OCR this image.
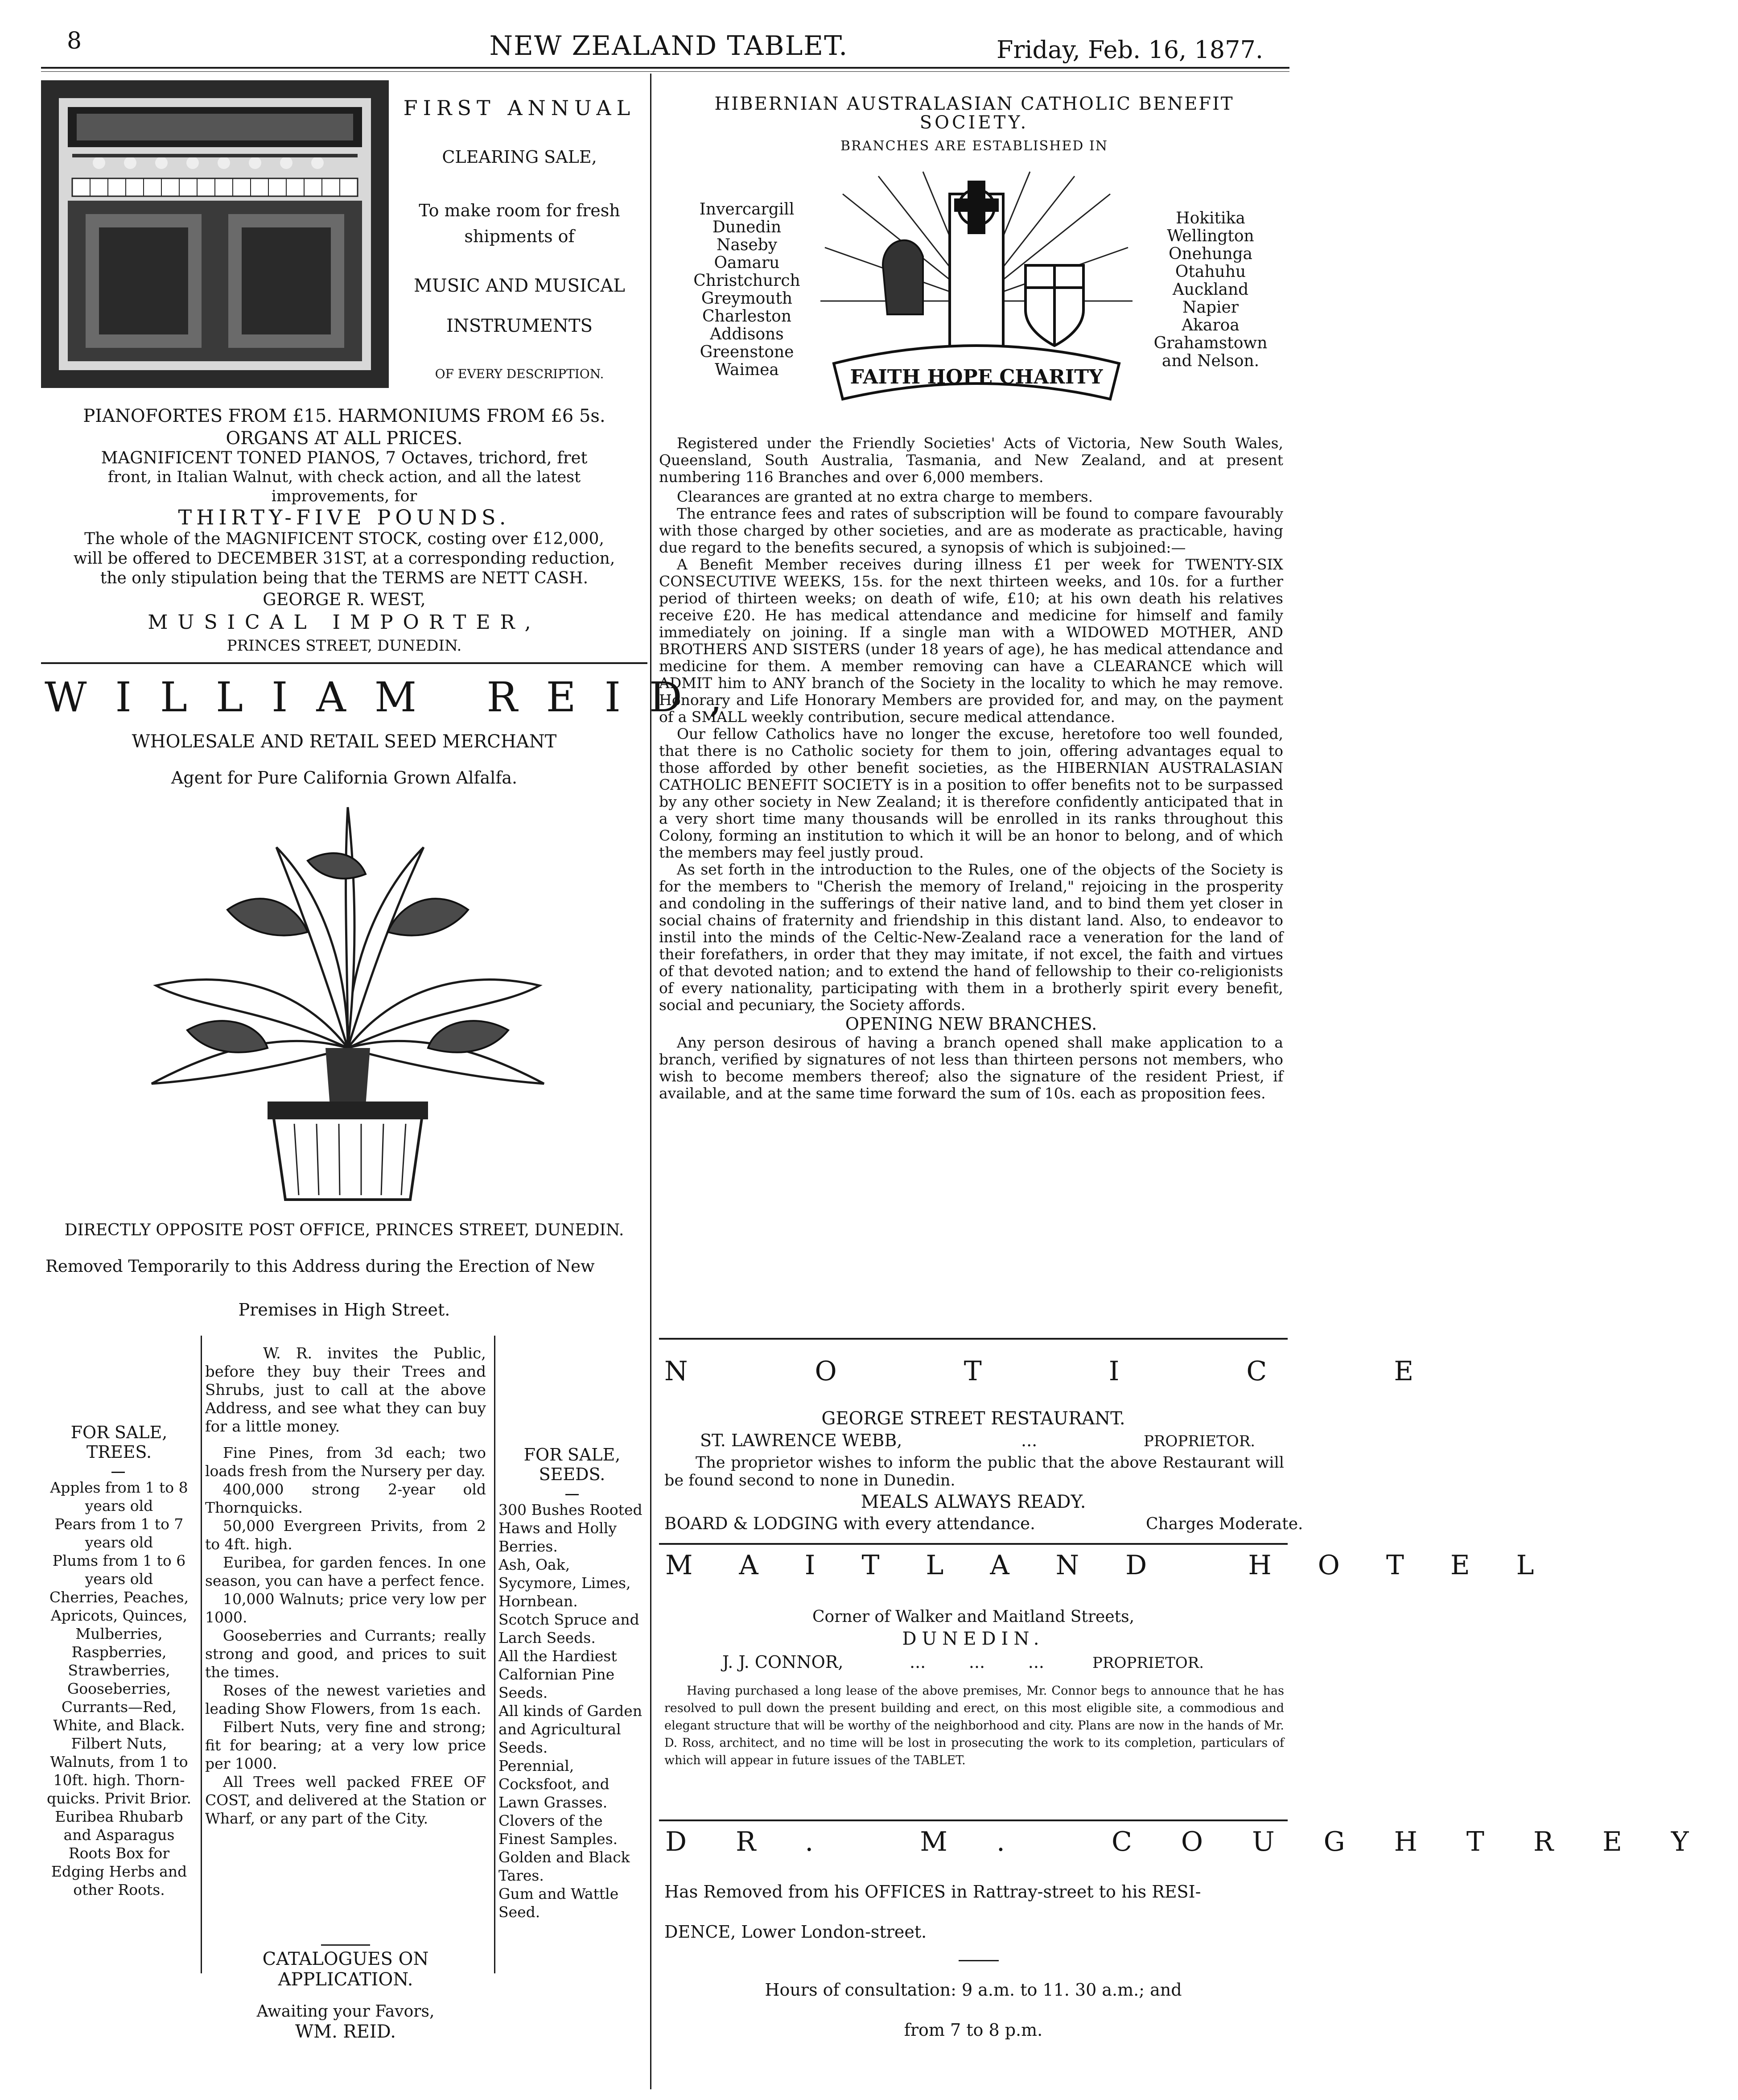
8	NEW ZEALAND TABLET.	Friday, Feb. 16, 1877.
FIRST ANNUAL
CLEARING SALE,
To make room for fresh
shipments of
MUSIC AND MUSICAL
INSTRUMENTS
OF EVERY DESCRIPTION.
PIANOFORTES FROM £15. HARMONIUMS FROM £6 5s.
ORGANS AT ALL PRICES.
MAGNIFICENT TONED PIANOS, 7 Octaves, trichord, fret
front, in Italian Walnut, with check action, and all the latest
improvements, for
THIRTY-FIVE POUNDS.
The whole of the MAGNIFICENT STOCK, costing over £12,000,
will be offered to DECEMBER 31ST, at a corresponding reduction,
the only stipulation being that the TERMS are NETT CASH.
GEORGE R. WEST,
MUSICAL IMPORTER,
PRINCES STREET, DUNEDIN.
WILLIAM REID,
WHOLESALE AND RETAIL SEED MERCHANT
Agent for Pure California Grown Alfalfa.
DIRECTLY OPPOSITE POST OFFICE, PRINCES STREET, DUNEDIN.
Removed Temporarily to this Address during the Erection of New
Premises in High Street.
FOR SALE, TREES.
Apples from 1 to 8 years old
Pears from 1 to 7 years old
Plums from 1 to 6 years old
Cherries, Peaches, Apricots, Quinces, Mulberries, Raspberries, Strawberries, Gooseberries, Currants—Red, White, and Black. Filbert Nuts, Walnuts, from 1 to 10ft. high. Thorn-quicks. Privit Brior. Euribea Rhubarb and Asparagus Roots Box for Edging Herbs and other Roots.
W. R. invites the Public, before they buy their Trees and Shrubs, just to call at the above Address, and see what they can buy for a little money.

Fine Pines, from 3d each; two loads fresh from the Nursery per day.

400,000 strong 2-year old Thornquicks.

50,000 Evergreen Privits, from 2 to 4ft. high.

Euribea, for garden fences. In one season, you can have a perfect fence.

10,000 Walnuts; price very low per 1000.

Gooseberries and Currants; really strong and good, and prices to suit the times.

Roses of the newest varieties and leading Show Flowers, from 1s each.

Filbert Nuts, very fine and strong; fit for bearing; at a very low price per 1000.

All Trees well packed FREE OF COST, and delivered at the Station or Wharf, or any part of the City.

CATALOGUES ON APPLICATION.
Awaiting your Favors,
WM. REID.
FOR SALE, SEEDS.
300 Bushes Rooted Haws and Holly Berries.
Ash, Oak, Sycymore, Limes, Hornbean.
Scotch Spruce and Larch Seeds.
All the Hardiest Calfornian Pine Seeds.
All kinds of Garden and Agricultural Seeds.
Perennial, Cocksfoot, and Lawn Grasses.
Clovers of the Finest Samples.
Golden and Black Tares.
Gum and Wattle Seed.
HIBERNIAN AUSTRALASIAN CATHOLIC BENEFIT
SOCIETY.
BRANCHES ARE ESTABLISHED IN
Invercargill
Dunedin
Naseby
Oamaru
Christchurch
Greymouth
Charleston
Addisons
Greenstone
Waimea
Hokitika
Wellington
Onehunga
Otahuhu
Auckland
Napier
Akaroa
Grahamstown
and Nelson.
FAITH HOPE CHARITY

Registered under the Friendly Societies' Acts of Victoria, New South Wales, Queensland, South Australia, Tasmania, and New Zealand, and at present numbering 116 Branches and over 6,000 members.

Clearances are granted at no extra charge to members.

The entrance fees and rates of subscription will be found to compare favourably with those charged by other societies, and are as moderate as practicable, having due regard to the benefits secured, a synopsis of which is subjoined:—

A Benefit Member receives during illness £1 per week for TWENTY-SIX CONSECUTIVE WEEKS, 15s. for the next thirteen weeks, and 10s. for a further period of thirteen weeks; on death of wife, £10; at his own death his relatives receive £20. He has medical attendance and medicine for himself and family immediately on joining. If a single man with a WIDOWED MOTHER, AND BROTHERS AND SISTERS (under 18 years of age), he has medical attendance and medicine for them. A member removing can have a CLEARANCE which will ADMIT him to ANY branch of the Society in the locality to which he may remove. Honorary and Life Honorary Members are provided for, and may, on the payment of a SMALL weekly contribution, secure medical attendance.

Our fellow Catholics have no longer the excuse, heretofore too well founded, that there is no Catholic society for them to join, offering advantages equal to those afforded by other benefit societies, as the HIBERNIAN AUSTRALASIAN CATHOLIC BENEFIT SOCIETY is in a position to offer benefits not to be surpassed by any other society in New Zealand; it is therefore confidently anticipated that in a very short time many thousands will be enrolled in its ranks throughout this Colony, forming an institution to which it will be an honor to belong, and of which the members may feel justly proud.

As set forth in the introduction to the Rules, one of the objects of the Society is for the members to "Cherish the memory of Ireland," rejoicing in the prosperity and condoling in the sufferings of their native land, and to bind them yet closer in social chains of fraternity and friendship in this distant land. Also, to endeavor to instil into the minds of the Celtic-New-Zealand race a veneration for the land of their forefathers, in order that they may imitate, if not excel, the faith and virtues of that devoted nation; and to extend the hand of fellowship to their co-religionists of every nationality, participating with them in a brotherly spirit every benefit, social and pecuniary, the Society affords.

OPENING NEW BRANCHES.

Any person desirous of having a branch opened shall make application to a branch, verified by signatures of not less than thirteen persons not members, who wish to become members thereof; also the signature of the resident Priest, if available, and at the same time forward the sum of 10s. each as proposition fees.

NOTICE
GEORGE STREET RESTAURANT.
ST. LAWRENCE WEBB,	...	PROPRIETOR.
The proprietor wishes to inform the public that the above Restaurant will be found second to none in Dunedin.
MEALS ALWAYS READY.
BOARD & LODGING with every attendance.	Charges Moderate.
MAITLAND HOTEL
Corner of Walker and Maitland Streets,
DUNEDIN.
J. J. CONNOR,	...        ...        ...	PROPRIETOR.
Having purchased a long lease of the above premises, Mr. Connor begs to announce that he has resolved to pull down the present building and erect, on this most eligible site, a commodious and elegant structure that will be worthy of the neighborhood and city. Plans are now in the hands of Mr. D. Ross, architect, and no time will be lost in prosecuting the work to its completion, particulars of which will appear in future issues of the TABLET.
DR. M. COUGHTREY
Has Removed from his OFFICES in Rattray-street to his RESI-
DENCE, Lower London-street.
Hours of consultation: 9 a.m. to 11. 30 a.m.; and
from 7 to 8 p.m.
